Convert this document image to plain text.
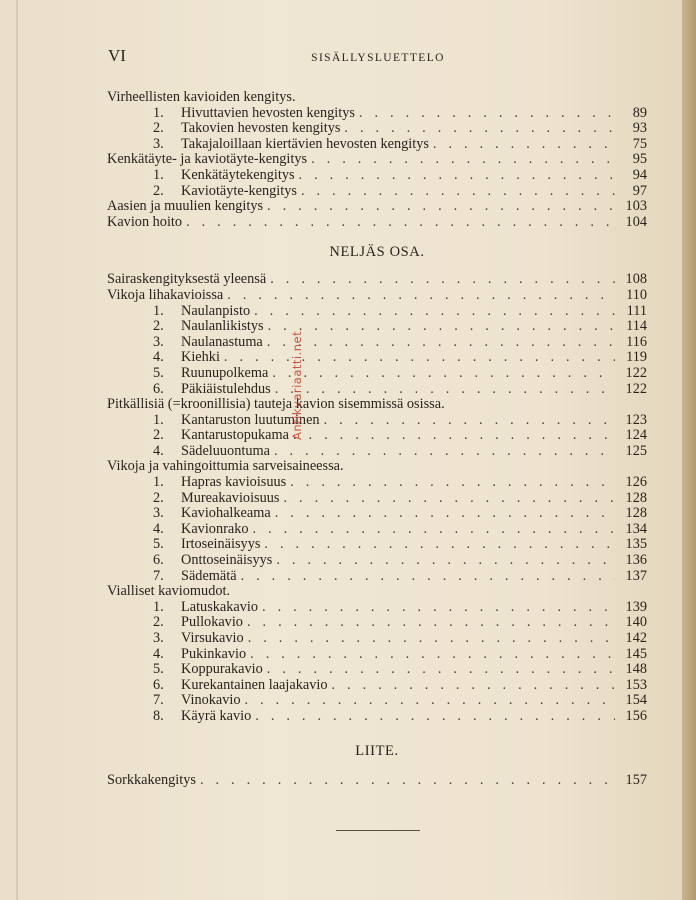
VI	SISÄLLYSLUETTELO
Virheellisten kavioiden kengitys.
1.	Hivuttavien hevosten kengitys . . .	89
2.	Takovien hevosten kengitys . . .	93
3.	Takajaloillaan kiertävien hevosten kengitys . . .	75
Kenkätäyte- ja kaviotäyte-kengitys . . .	95
1.	Kenkätäytekengitys . . .	94
2.	Kaviotäyte-kengitys . . .	97
Aasien ja muulien kengitys . . .	103
Kavion hoito . . .	104
NELJÄS OSA.
Sairaskengityksestä yleensä . . .	108
Vikoja lihakavioissa . . .	110
1.	Naulanpisto . . .	111
2.	Naulanlikistys . . .	114
3.	Naulanastuma . . .	116
4.	Kiehki . . .	119
5.	Ruunupolkema . . .	122
6.	Päkiäistulehdus . . .	122
Pitkällisiä (=kroonillisia) tauteja kavion sisemmissä osissa.
1.	Kantaruston luutuminen . . .	123
2.	Kantarustopukama . . .	124
4.	Sädeluuontuma . . .	125
Vikoja ja vahingoittumia sarveisaineessa.
1.	Hapras kavioisuus . . .	126
2.	Mureakavioisuus . . .	128
3.	Kaviohalkeama . . .	128
4.	Kavionrako . . .	134
5.	Irtoseinäisyys . . .	135
6.	Onttoseinäisyys . . .	136
7.	Sädemätä . . .	137
Vialliset kaviomudot.
1.	Latuskakavio . . .	139
2.	Pullokavio . . .	140
3.	Virsukavio . . .	142
4.	Pukinkavio . . .	145
5.	Koppurakavio . . .	148
6.	Kurekantainen laajakavio . . .	153
7.	Vinokavio . . .	154
8.	Käyrä kavio . . .	156
LIITE.
Sorkkakengitys . . .	157
Antikvariaatti.net
